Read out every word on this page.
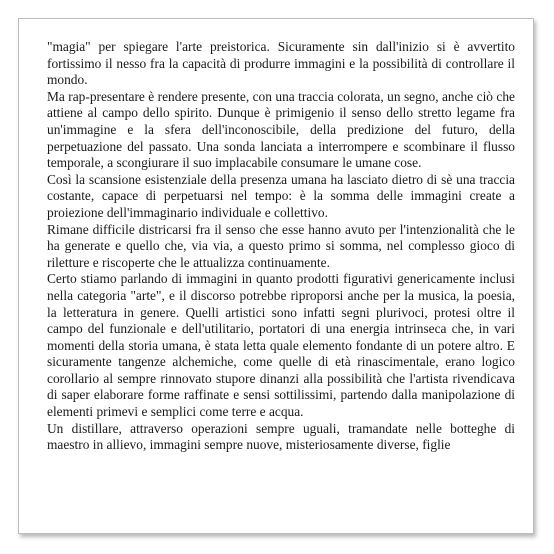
"magia" per spiegare l'arte preistorica. Sicuramente sin dall'inizio si è avvertito fortissimo il nesso fra la capacità di produrre immagini e la possibilità di controllare il mondo.

Ma rap-presentare è rendere presente, con una traccia colorata, un segno, anche ciò che attiene al campo dello spirito. Dunque è primigenio il senso dello stretto legame fra un'immagine e la sfera dell'inconoscibile, della predizione del futuro, della perpetuazione del passato. Una sonda lanciata a interrompere e scombinare il flusso temporale, a scongiurare il suo implacabile consumare le umane cose.

Così la scansione esistenziale della presenza umana ha lasciato dietro di sè una traccia costante, capace di perpetuarsi nel tempo: è la somma delle immagini create a proiezione dell'immaginario individuale e collettivo.

Rimane difficile districarsi fra il senso che esse hanno avuto per l'intenzionalità che le ha generate e quello che, via via, a questo primo si somma, nel complesso gioco di riletture e riscoperte che le attualizza continuamente.

Certo stiamo parlando di immagini in quanto prodotti figurativi genericamente inclusi nella categoria "arte", e il discorso potrebbe riproporsi anche per la musica, la poesia, la letteratura in genere. Quelli artistici sono infatti segni plurivoci, protesi oltre il campo del funzionale e dell'utilitario, portatori di una energia intrinseca che, in vari momenti della storia umana, è stata letta quale elemento fondante di un potere altro. E sicuramente tangenze alchemiche, come quelle di età rinascimentale, erano logico corollario al sempre rinnovato stupore dinanzi alla possibilità che l'artista rivendicava di saper elaborare forme raffinate e sensi sottilissimi, partendo dalla manipolazione di elementi primevi e semplici come terre e acqua.

Un distillare, attraverso operazioni sempre uguali, tramandate nelle botteghe di maestro in allievo, immagini sempre nuove, misteriosamente diverse, figlie
